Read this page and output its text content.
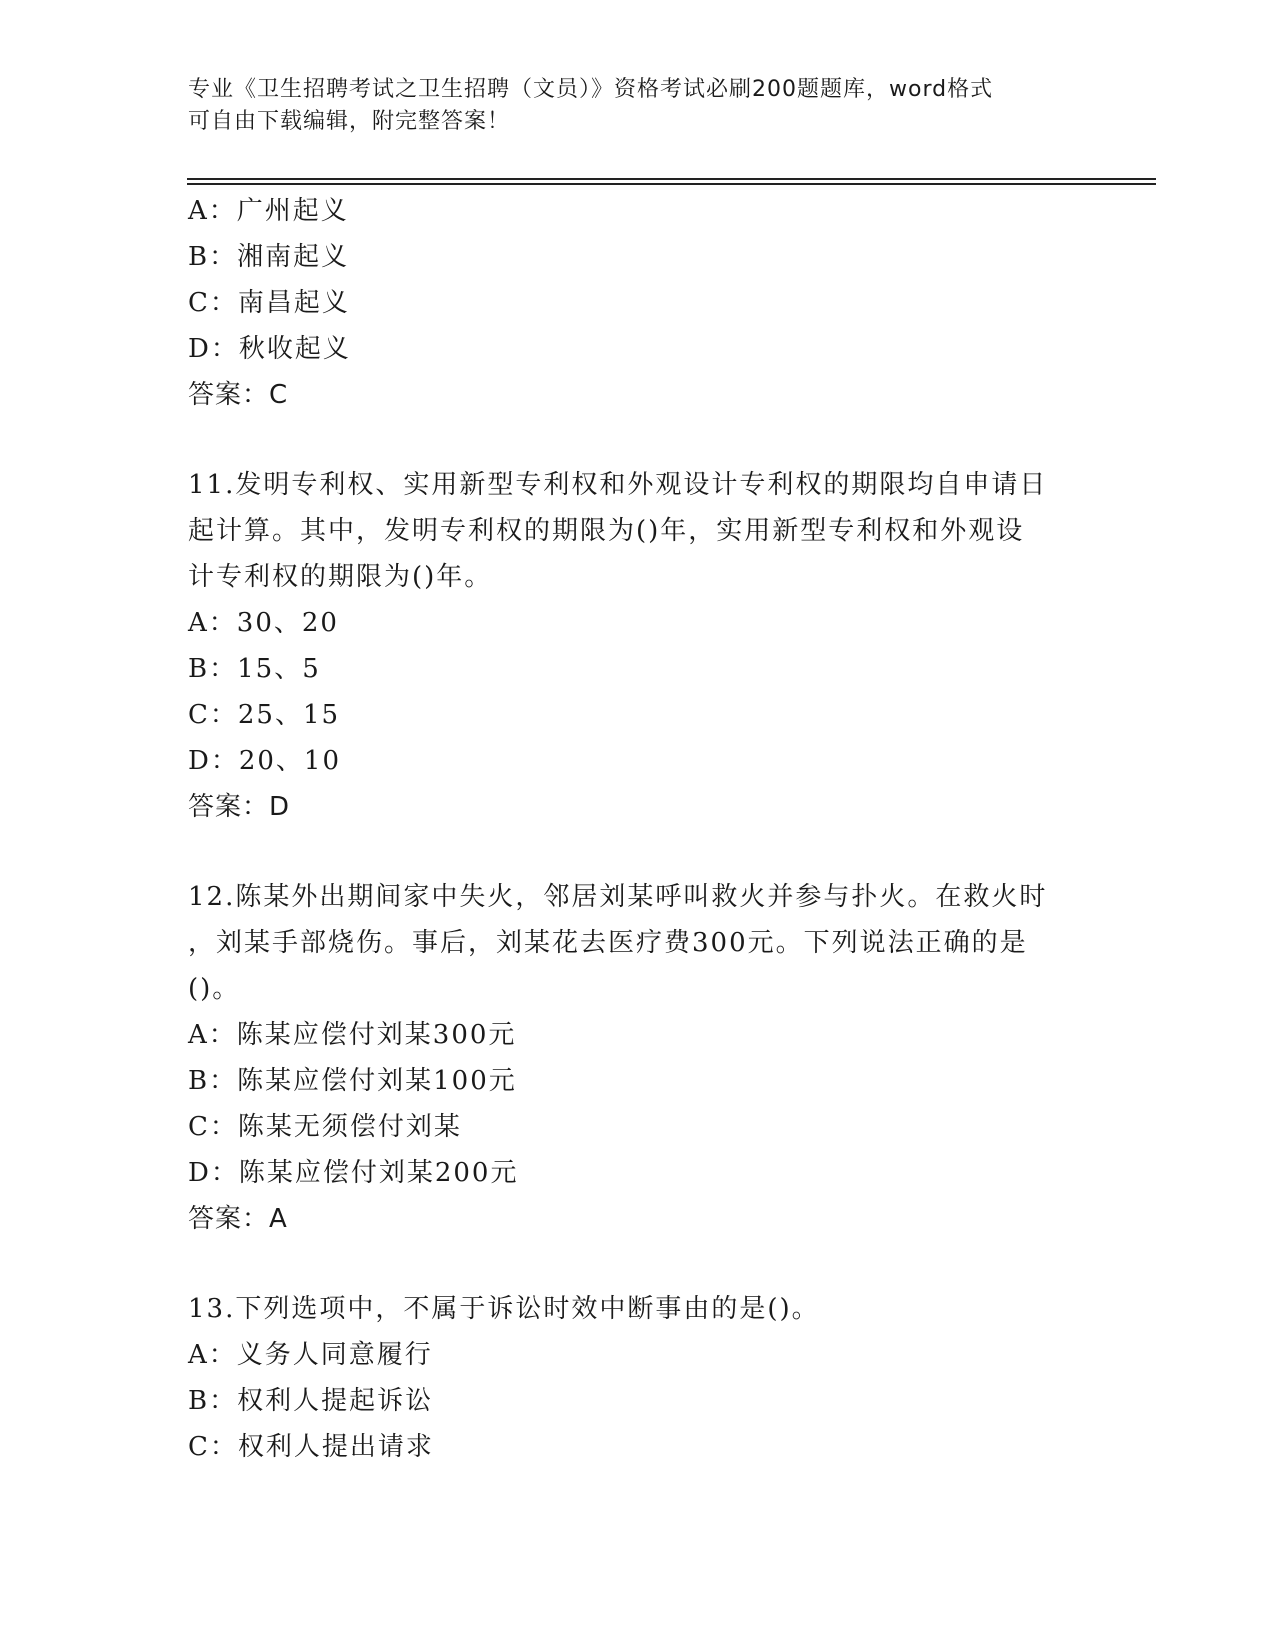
专业《卫生招聘考试之卫生招聘（文员）》资格考试必刷200题题库，word格式
可自由下载编辑，附完整答案！
A：广州起义
B：湘南起义
C：南昌起义
D：秋收起义
答案：C
11.发明专利权、实用新型专利权和外观设计专利权的期限均自申请日
起计算。其中，发明专利权的期限为()年，实用新型专利权和外观设
计专利权的期限为()年。
A：30、20
B：15、5
C：25、15
D：20、10
答案：D
12.陈某外出期间家中失火，邻居刘某呼叫救火并参与扑火。在救火时
，刘某手部烧伤。事后，刘某花去医疗费300元。下列说法正确的是
()。
A：陈某应偿付刘某300元
B：陈某应偿付刘某100元
C：陈某无须偿付刘某
D：陈某应偿付刘某200元
答案：A
13.下列选项中，不属于诉讼时效中断事由的是()。
A：义务人同意履行
B：权利人提起诉讼
C：权利人提出请求
